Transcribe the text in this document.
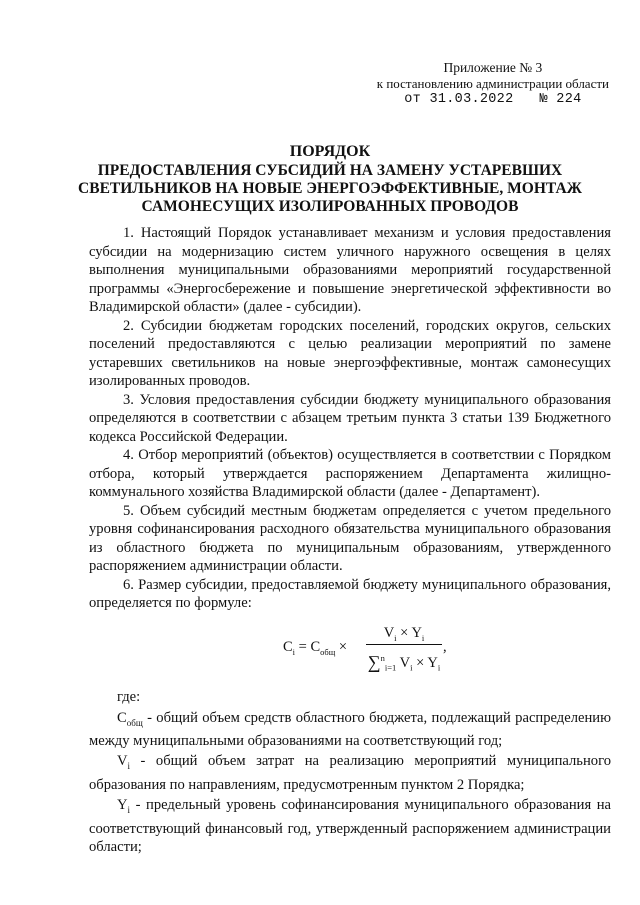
Приложение № 3
к постановлению администрации области
от 31.03.2022 № 224
ПОРЯДОК
ПРЕДОСТАВЛЕНИЯ СУБСИДИЙ НА ЗАМЕНУ УСТАРЕВШИХ
СВЕТИЛЬНИКОВ НА НОВЫЕ ЭНЕРГОЭФФЕКТИВНЫЕ, МОНТАЖ
САМОНЕСУЩИХ ИЗОЛИРОВАННЫХ ПРОВОДОВ

1. Настоящий Порядок устанавливает механизм и условия предоставления субсидии на модернизацию систем уличного наружного освещения в целях выполнения муниципальными образованиями мероприятий государственной программы «Энергосбережение и повышение энергетической эффективности во Владимирской области» (далее - субсидии).

2. Субсидии бюджетам городских поселений, городских округов, сельских поселений предоставляются с целью реализации мероприятий по замене устаревших светильников на новые энергоэффективные, монтаж самонесущих изолированных проводов.

3. Условия предоставления субсидии бюджету муниципального образования определяются в соответствии с абзацем третьим пункта 3 статьи 139 Бюджетного кодекса Российской Федерации.

4. Отбор мероприятий (объектов) осуществляется в соответствии с Порядком отбора, который утверждается распоряжением Департамента жилищно-коммунального хозяйства Владимирской области (далее - Департамент).

5. Объем субсидий местным бюджетам определяется с учетом предельного уровня софинансирования расходного обязательства муниципального образования из областного бюджета по муниципальным образованиям, утвержденного распоряжением администрации области.

6. Размер субсидии, предоставляемой бюджету муниципального образования, определяется по формуле:

$C_i = C_{общ}$ ×
$V_i \times Y_i$
∑$^n_{i=1}$ $V_i \times Y_i$
,

где:

$С_{общ}$ - общий объем средств областного бюджета, подлежащий распределению между муниципальными образованиями на соответствующий год;

$V_i$ - общий объем затрат на реализацию мероприятий муниципального образования по направлениям, предусмотренным пунктом 2 Порядка;

$Y_i$ - предельный уровень софинансирования муниципального образования на соответствующий финансовый год, утвержденный распоряжением администрации области;
